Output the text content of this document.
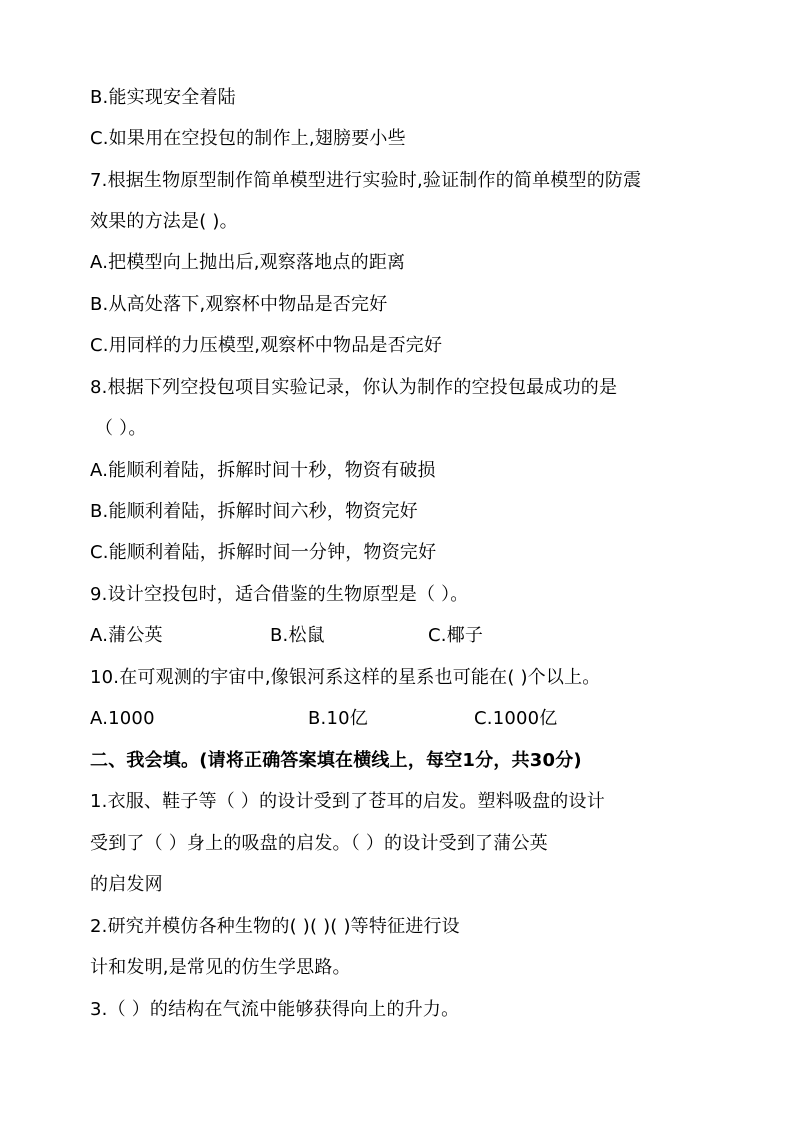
B.能实现安全着陆
C.如果用在空投包的制作上,翅膀要小些
7.根据生物原型制作简单模型进行实验时,验证制作的简单模型的防震
效果的方法是( )。
A.把模型向上抛出后,观察落地点的距离
B.从高处落下,观察杯中物品是否完好
C.用同样的力压模型,观察杯中物品是否完好
8.根据下列空投包项目实验记录，你认为制作的空投包最成功的是
（ ）。
A.能顺利着陆，拆解时间十秒，物资有破损
B.能顺利着陆，拆解时间六秒，物资完好
C.能顺利着陆，拆解时间一分钟，物资完好
9.设计空投包时，适合借鉴的生物原型是（ ）。
A.蒲公英	B.松鼠	C.椰子
10.在可观测的宇宙中,像银河系这样的星系也可能在( )个以上。
A.1000	B.10亿	C.1000亿
二、我会填。(请将正确答案填在横线上，每空1分，共30分)
1.衣服、鞋子等（ ）的设计受到了苍耳的启发。塑料吸盘的设计
受到了（ ）身上的吸盘的启发。（ ）的设计受到了蒲公英
的启发网
2.研究并模仿各种生物的( )( )( )等特征进行设
计和发明,是常见的仿生学思路。
3.（ ）的结构在气流中能够获得向上的升力。
